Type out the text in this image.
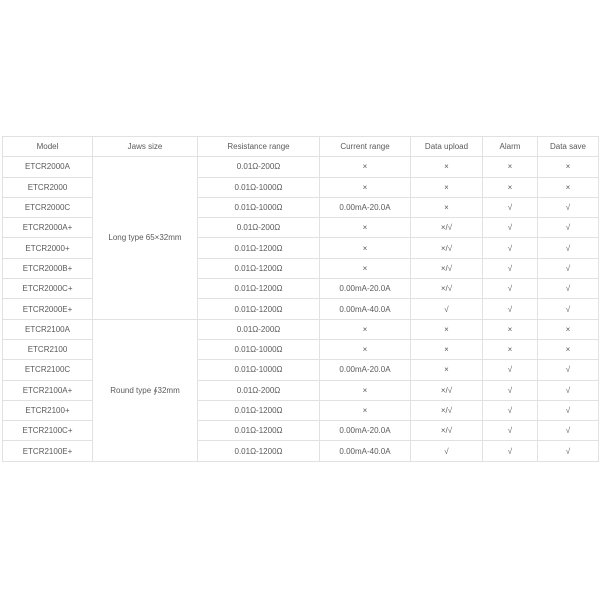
Model	Jaws size	Resistance range	Current range	Data upload	Alarm	Data save
ETCR2000A	Long type 65×32mm	0.01Ω-200Ω	×	×	×	×
ETCR2000		0.01Ω-1000Ω	×	×	×	×
ETCR2000C		0.01Ω-1000Ω	0.00mA-20.0A	×	√	√
ETCR2000A+		0.01Ω-200Ω	×	×/√	√	√
ETCR2000+		0.01Ω-1200Ω	×	×/√	√	√
ETCR2000B+		0.01Ω-1200Ω	×	×/√	√	√
ETCR2000C+		0.01Ω-1200Ω	0.00mA-20.0A	×/√	√	√
ETCR2000E+		0.01Ω-1200Ω	0.00mA-40.0A	√	√	√
ETCR2100A	Round type ∮32mm	0.01Ω-200Ω	×	×	×	×
ETCR2100		0.01Ω-1000Ω	×	×	×	×
ETCR2100C		0.01Ω-1000Ω	0.00mA-20.0A	×	√	√
ETCR2100A+		0.01Ω-200Ω	×	×/√	√	√
ETCR2100+		0.01Ω-1200Ω	×	×/√	√	√
ETCR2100C+		0.01Ω-1200Ω	0.00mA-20.0A	×/√	√	√
ETCR2100E+		0.01Ω-1200Ω	0.00mA-40.0A	√	√	√
